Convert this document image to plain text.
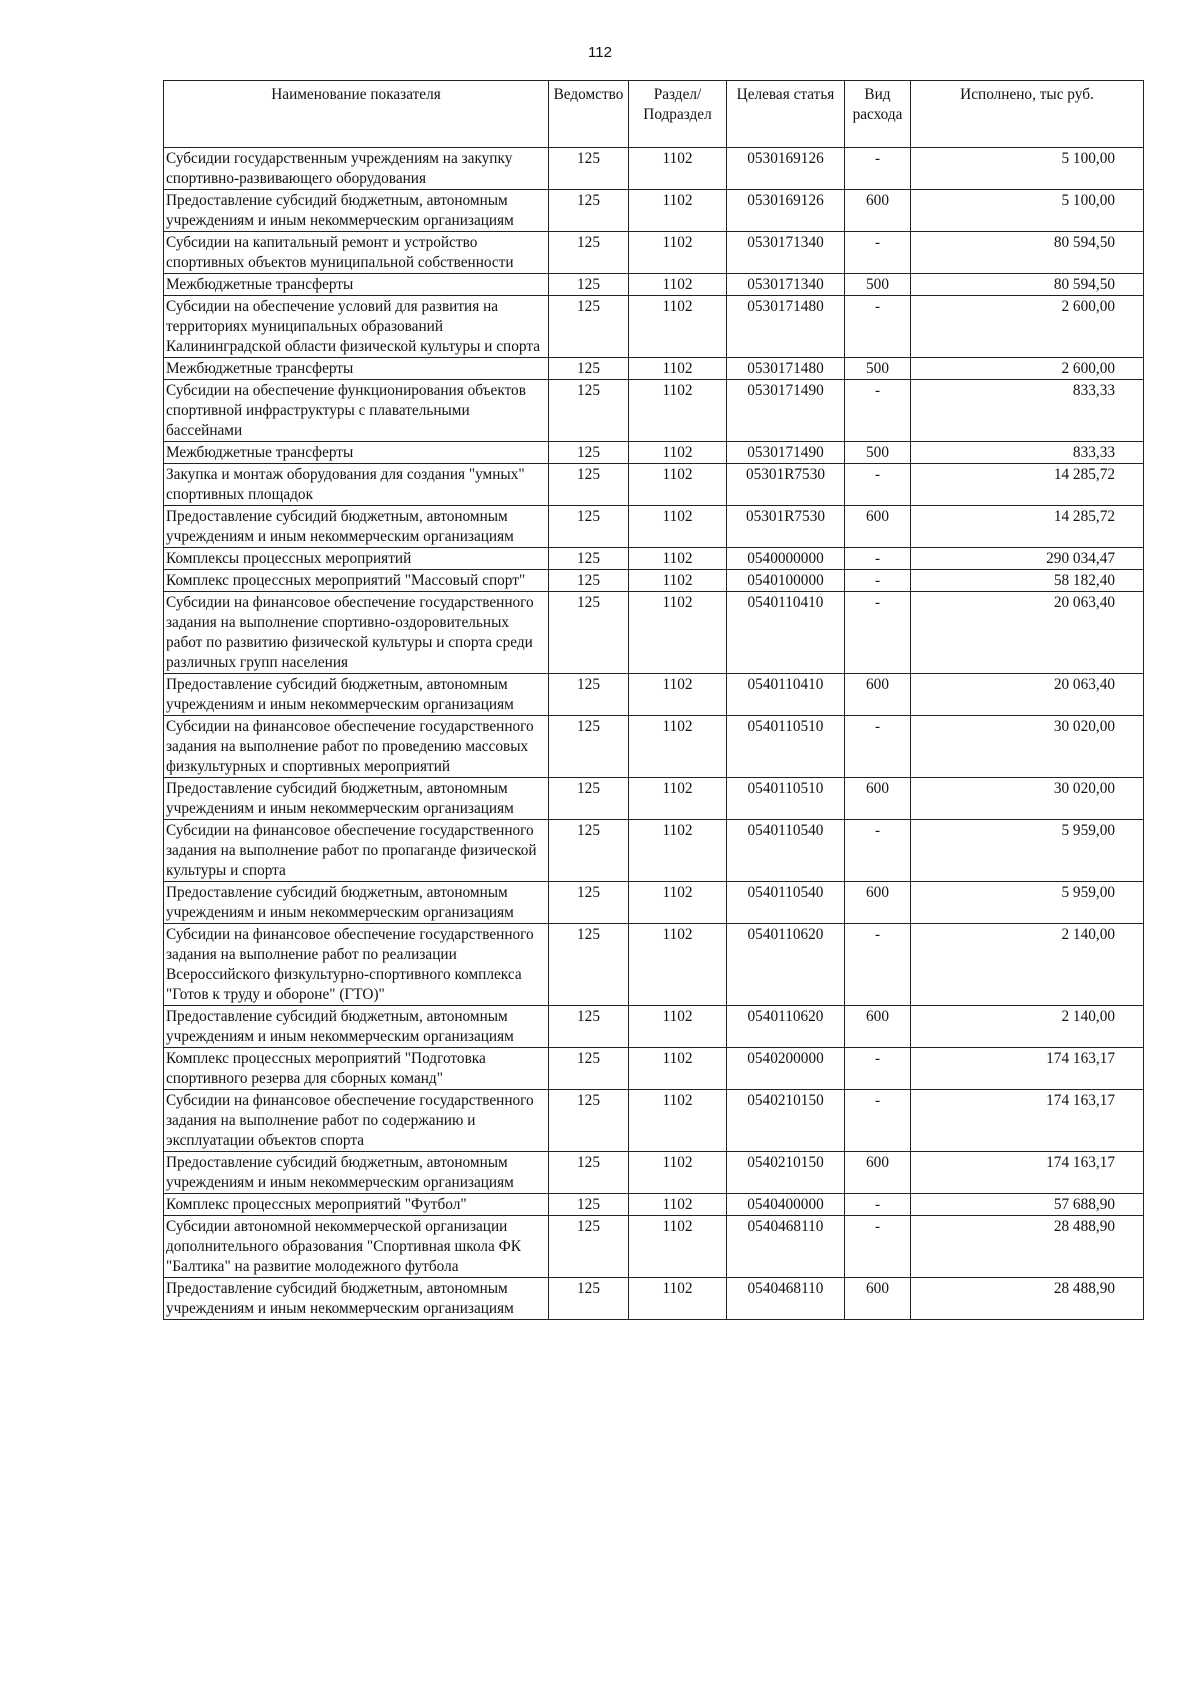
112
Наименование показателя	Ведомство	Раздел/ Подраздел	Целевая статья	Вид расхода	Исполнено, тыс руб.
Субсидии государственным учреждениям на закупку спортивно-развивающего оборудования	125	1102	0530169126	-	5 100,00
Предоставление субсидий бюджетным, автономным учреждениям и иным некоммерческим организациям	125	1102	0530169126	600	5 100,00
Субсидии на капитальный ремонт и устройство спортивных объектов муниципальной собственности	125	1102	0530171340	-	80 594,50
Межбюджетные трансферты	125	1102	0530171340	500	80 594,50
Субсидии на обеспечение условий для развития на территориях муниципальных образований Калининградской области физической культуры и спорта	125	1102	0530171480	-	2 600,00
Межбюджетные трансферты	125	1102	0530171480	500	2 600,00
Субсидии на обеспечение функционирования объектов спортивной инфраструктуры с плавательными бассейнами	125	1102	0530171490	-	833,33
Межбюджетные трансферты	125	1102	0530171490	500	833,33
Закупка и монтаж оборудования для создания "умных" спортивных площадок	125	1102	05301R7530	-	14 285,72
Предоставление субсидий бюджетным, автономным учреждениям и иным некоммерческим организациям	125	1102	05301R7530	600	14 285,72
Комплексы процессных мероприятий	125	1102	0540000000	-	290 034,47
Комплекс процессных мероприятий "Массовый спорт"	125	1102	0540100000	-	58 182,40
Субсидии на финансовое обеспечение государственного задания на выполнение спортивно-оздоровительных работ по развитию физической культуры и спорта среди различных групп населения	125	1102	0540110410	-	20 063,40
Предоставление субсидий бюджетным, автономным учреждениям и иным некоммерческим организациям	125	1102	0540110410	600	20 063,40
Субсидии на финансовое обеспечение государственного задания на выполнение работ по проведению массовых физкультурных и спортивных мероприятий	125	1102	0540110510	-	30 020,00
Предоставление субсидий бюджетным, автономным учреждениям и иным некоммерческим организациям	125	1102	0540110510	600	30 020,00
Субсидии на финансовое обеспечение государственного задания на выполнение работ по пропаганде физической культуры и спорта	125	1102	0540110540	-	5 959,00
Предоставление субсидий бюджетным, автономным учреждениям и иным некоммерческим организациям	125	1102	0540110540	600	5 959,00
Субсидии на финансовое обеспечение государственного задания на выполнение работ по реализации Всероссийского физкультурно-спортивного комплекса "Готов к труду и обороне" (ГТО)"	125	1102	0540110620	-	2 140,00
Предоставление субсидий бюджетным, автономным учреждениям и иным некоммерческим организациям	125	1102	0540110620	600	2 140,00
Комплекс процессных мероприятий "Подготовка спортивного резерва для сборных команд"	125	1102	0540200000	-	174 163,17
Субсидии на финансовое обеспечение государственного задания на выполнение работ по содержанию и эксплуатации объектов спорта	125	1102	0540210150	-	174 163,17
Предоставление субсидий бюджетным, автономным учреждениям и иным некоммерческим организациям	125	1102	0540210150	600	174 163,17
Комплекс процессных мероприятий "Футбол"	125	1102	0540400000	-	57 688,90
Субсидии автономной некоммерческой организации дополнительного образования "Спортивная школа ФК "Балтика" на развитие молодежного футбола	125	1102	0540468110	-	28 488,90
Предоставление субсидий бюджетным, автономным учреждениям и иным некоммерческим организациям	125	1102	0540468110	600	28 488,90
